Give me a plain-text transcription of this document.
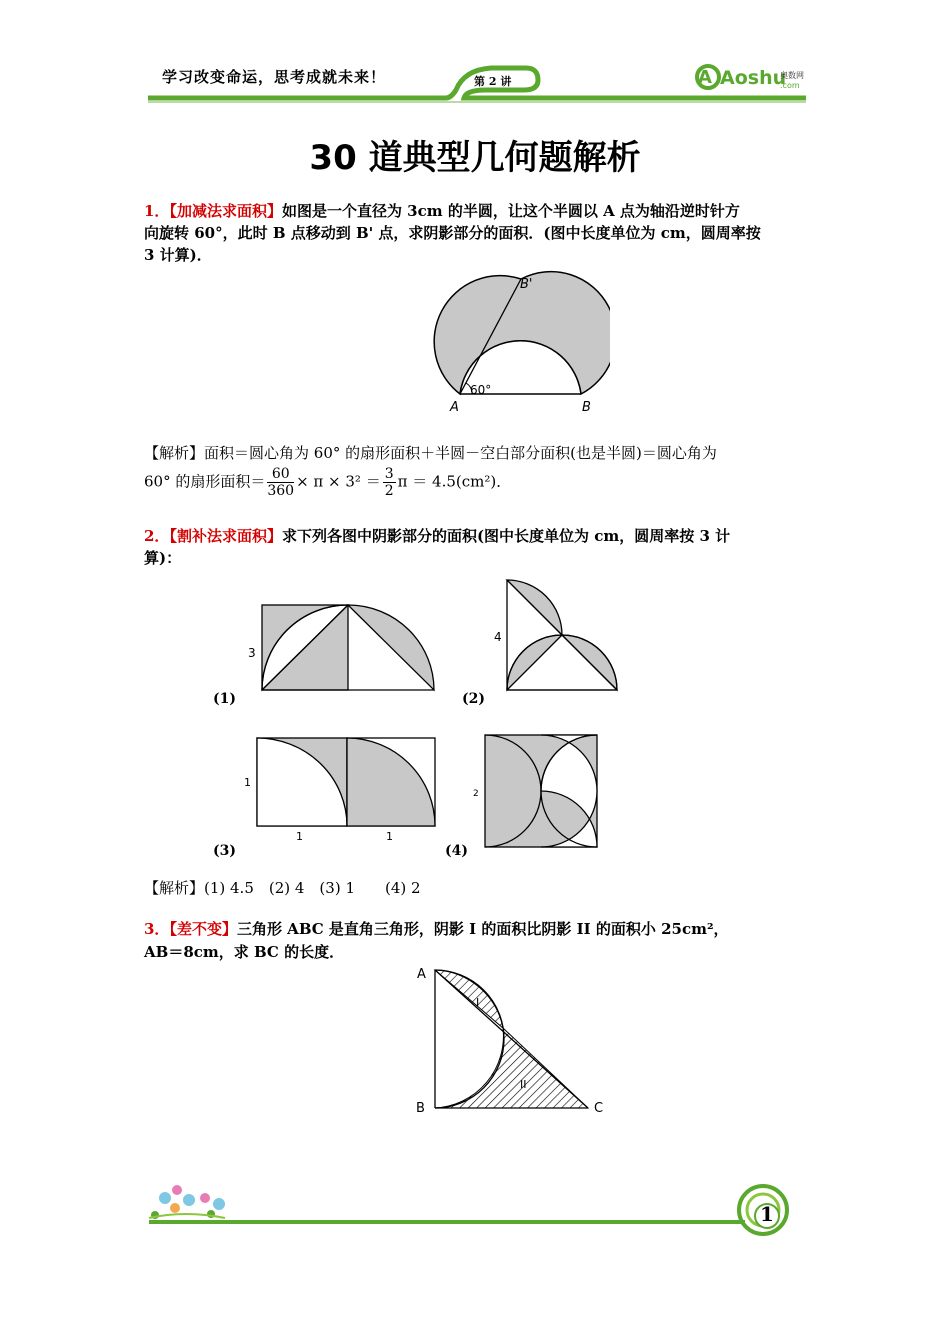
学习改变命运，思考成就未来！	第 2 讲	A Aoshu
奥数网
.com
30 道典型几何题解析
1．【加减法求面积】如图是一个直径为 3cm 的半圆，让这个半圆以 A 点为轴沿逆时针方
向旋转 60°，此时 B 点移动到 B' 点，求阴影部分的面积．(图中长度单位为 cm，圆周率按
3 计算)．
B'
60°
A	B
【解析】面积＝圆心角为 60° 的扇形面积＋半圆－空白部分面积(也是半圆)＝圆心角为
60° 的扇形面积＝ $\frac{60}{360} \times \pi \times 3^2 = \frac{3}{2}$ π ＝ 4.5(cm²)．
2．【割补法求面积】求下列各图中阴影部分的面积(图中长度单位为 cm，圆周率按 3 计
算)：
3
(1)
4
(2)
1
1	1
(3)
2
(4)
【解析】(1) 4.5　(2) 4　(3) 1　　(4) 2
3．【差不变】三角形 ABC 是直角三角形，阴影 I 的面积比阴影 II 的面积小 25cm²，
AB＝8cm，求 BC 的长度．
A
B	C
I
II
1
